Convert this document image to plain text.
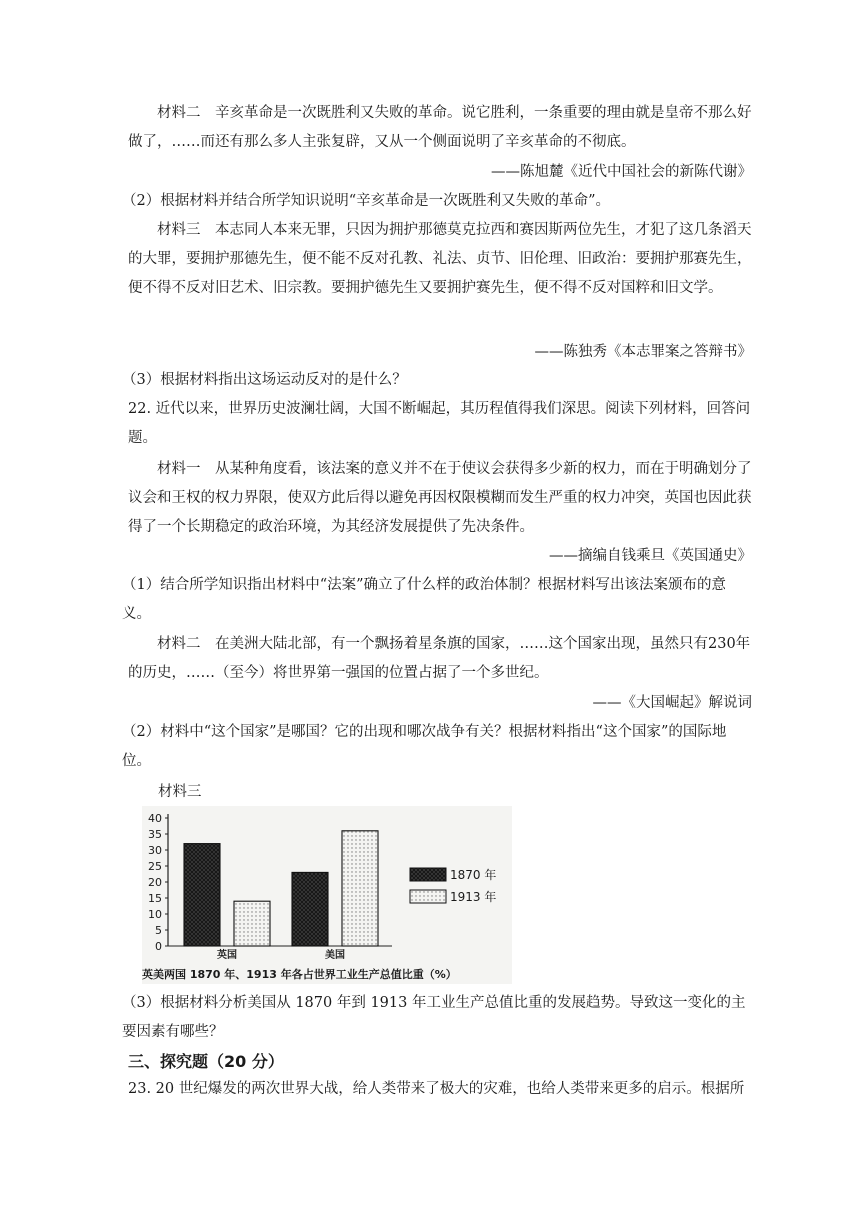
材料二  辛亥革命是一次既胜利又失败的革命。说它胜利，一条重要的理由就是皇帝不那么好做了，……而还有那么多人主张复辟，又从一个侧面说明了辛亥革命的不彻底。

——陈旭麓《近代中国社会的新陈代谢》

（2）根据材料并结合所学知识说明“辛亥革命是一次既胜利又失败的革命”。

材料三  本志同人本来无罪，只因为拥护那德莫克拉西和赛因斯两位先生，才犯了这几条滔天的大罪，要拥护那德先生，便不能不反对孔教、礼法、贞节、旧伦理、旧政治：要拥护那赛先生，便不得不反对旧艺术、旧宗教。要拥护德先生又要拥护赛先生，便不得不反对国粹和旧文学。

——陈独秀《本志罪案之答辩书》

（3）根据材料指出这场运动反对的是什么？

22. 近代以来，世界历史波澜壮阔，大国不断崛起，其历程值得我们深思。阅读下列材料，回答问题。

材料一  从某种角度看，该法案的意义并不在于使议会获得多少新的权力，而在于明确划分了议会和王权的权力界限，使双方此后得以避免再因权限模糊而发生严重的权力冲突，英国也因此获得了一个长期稳定的政治环境，为其经济发展提供了先决条件。

——摘编自钱乘旦《英国通史》

（1）结合所学知识指出材料中“法案”确立了什么样的政治体制？根据材料写出该法案颁布的意义。

材料二  在美洲大陆北部，有一个飘扬着星条旗的国家，……这个国家出现，虽然只有230年的历史，……（至今）将世界第一强国的位置占据了一个多世纪。

——《大国崛起》解说词

（2）材料中“这个国家”是哪国？它的出现和哪次战争有关？根据材料指出“这个国家”的国际地位。

材料三
0
5
10
15
20
25
30
35
40
英国	美国
1870 年
1913 年
英美两国 1870 年、1913 年各占世界工业生产总值比重（%）

（3）根据材料分析美国从 1870 年到 1913 年工业生产总值比重的发展趋势。导致这一变化的主要因素有哪些？

三、探究题（20 分）

23. 20 世纪爆发的两次世界大战，给人类带来了极大的灾难，也给人类带来更多的启示。根据所
